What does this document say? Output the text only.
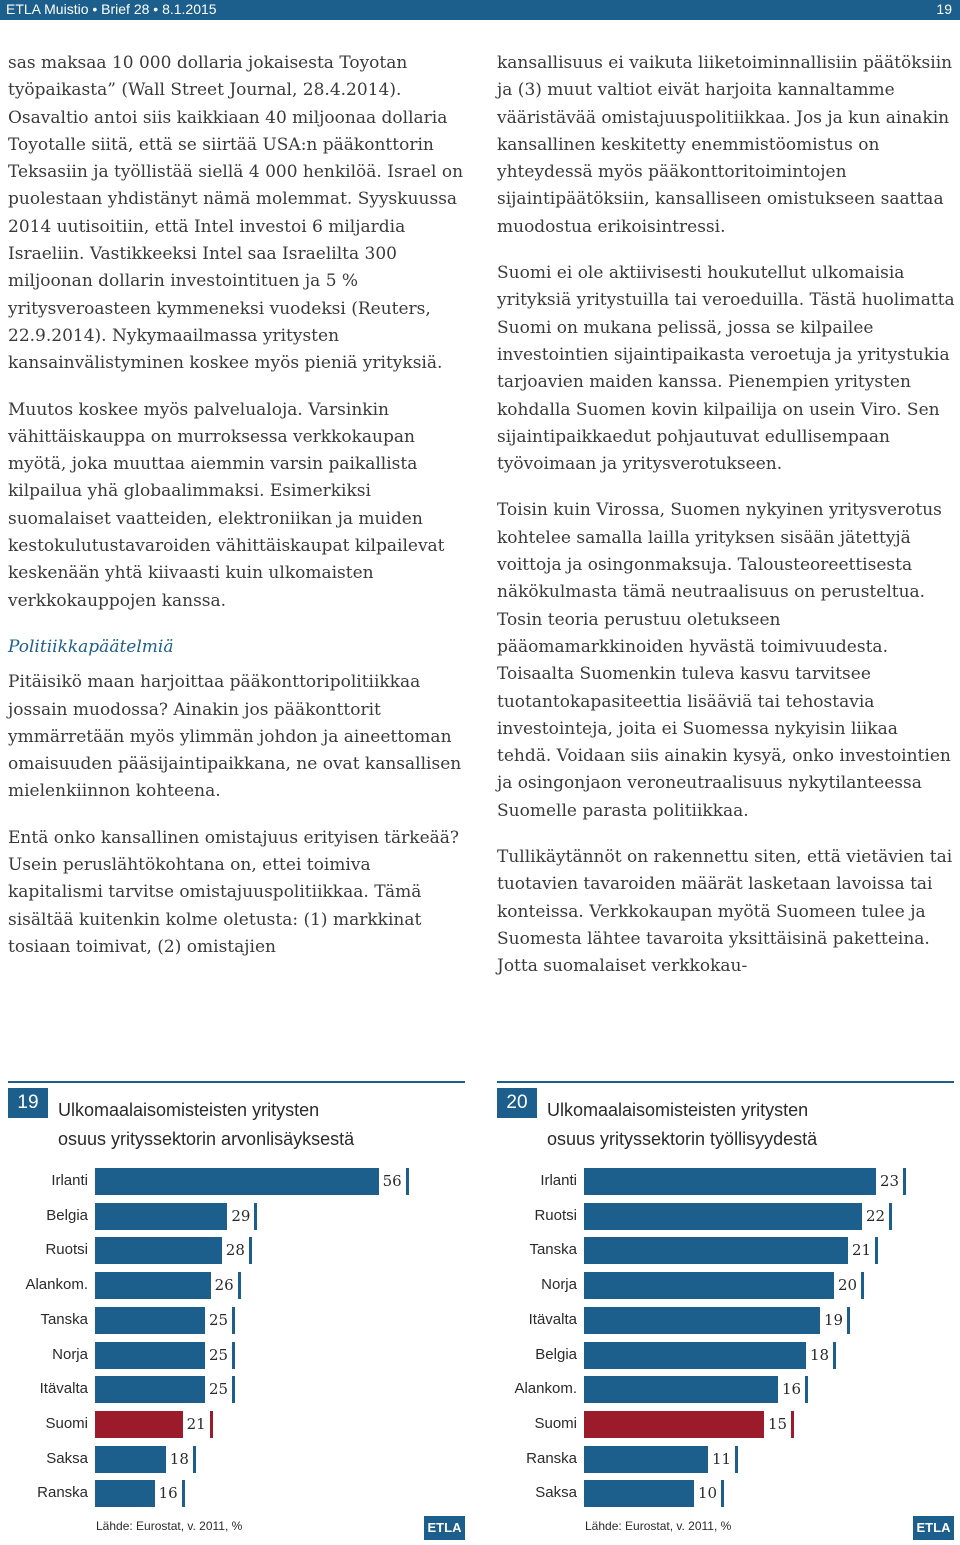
ETLA Muistio • Brief 28 • 8.1.2015	19

sas maksaa 10 000 dollaria jokaisesta Toyotan työpaikasta” (Wall Street Journal, 28.4.2014). Osavaltio antoi siis kaikkiaan 40 miljoonaa dollaria Toyotalle siitä, että se siirtää USA:n pääkonttorin Teksasiin ja työllistää siellä 4 000 henkilöä. Israel on puolestaan yhdistänyt nämä molemmat. Syyskuussa 2014 uutisoitiin, että Intel investoi 6 miljardia Israeliin. Vastikkeeksi Intel saa Israelilta 300 miljoonan dollarin investointituen ja 5 % yritysveroasteen kymmeneksi vuodeksi (Reuters, 22.9.2014). Nykymaailmassa yritysten kansainvälistyminen koskee myös pieniä yrityksiä.

Muutos koskee myös palvelualoja. Varsinkin vähittäiskauppa on murroksessa verkkokaupan myötä, joka muuttaa aiemmin varsin paikallista kilpailua yhä globaalimmaksi. Esimerkiksi suomalaiset vaatteiden, elektroniikan ja muiden kestokulutustavaroiden vähittäiskaupat kilpailevat keskenään yhtä kiivaasti kuin ulkomaisten verkkokauppojen kanssa.

Politiikkapäätelmiä

Pitäisikö maan harjoittaa pääkonttoripolitiikkaa jossain muodossa? Ainakin jos pääkonttorit ymmärretään myös ylimmän johdon ja aineettoman omaisuuden pääsijaintipaikkana, ne ovat kansallisen mielenkiinnon kohteena.

Entä onko kansallinen omistajuus erityisen tärkeää? Usein peruslähtökohtana on, ettei toimiva kapitalismi tarvitse omistajuuspolitiikkaa. Tämä sisältää kuitenkin kolme oletusta: (1) markkinat tosiaan toimivat, (2) omistajien

kansallisuus ei vaikuta liiketoiminnallisiin päätöksiin ja (3) muut valtiot eivät harjoita kannaltamme vääristävää omistajuuspolitiikkaa. Jos ja kun ainakin kansallinen keskitetty enemmistöomistus on yhteydessä myös pääkonttoritoimintojen sijaintipäätöksiin, kansalliseen omistukseen saattaa muodostua erikoisintressi.

Suomi ei ole aktiivisesti houkutellut ulkomaisia yrityksiä yritystuilla tai veroeduilla. Tästä huolimatta Suomi on mukana pelissä, jossa se kilpailee investointien sijaintipaikasta veroetuja ja yritystukia tarjoavien maiden kanssa. Pienempien yritysten kohdalla Suomen kovin kilpailija on usein Viro. Sen sijaintipaikkaedut pohjautuvat edullisempaan työvoimaan ja yritysverotukseen.

Toisin kuin Virossa, Suomen nykyinen yritysverotus kohtelee samalla lailla yrityksen sisään jätettyjä voittoja ja osingonmaksuja. Talousteoreettisesta näkökulmasta tämä neutraalisuus on perusteltua. Tosin teoria perustuu oletukseen pääomamarkkinoiden hyvästä toimivuudesta. Toisaalta Suomenkin tuleva kasvu tarvitsee tuotantokapasiteettia lisääviä tai tehostavia investointeja, joita ei Suomessa nykyisin liikaa tehdä. Voidaan siis ainakin kysyä, onko investointien ja osingonjaon veroneutraalisuus nykytilanteessa Suomelle parasta politiikkaa.

Tullikäytännöt on rakennettu siten, että vietävien tai tuotavien tavaroiden määrät lasketaan lavoissa tai konteissa. Verkkokaupan myötä Suomeen tulee ja Suomesta lähtee tavaroita yksittäisinä paketteina. Jotta suomalaiset verkkokau-

19	Ulkomaalaisomisteisten yritysten
osuus yrityssektorin arvonlisäyksestä
Irlanti	56
Belgia	29
Ruotsi	28
Alankom.	26
Tanska	25
Norja	25
Itävalta	25
Suomi	21
Saksa	18
Ranska	16
Lähde: Eurostat, v. 2011, %	ETLA
20	Ulkomaalaisomisteisten yritysten
osuus yrityssektorin työllisyydestä
Irlanti	23
Ruotsi	22
Tanska	21
Norja	20
Itävalta	19
Belgia	18
Alankom.	16
Suomi	15
Ranska	11
Saksa	10
Lähde: Eurostat, v. 2011, %	ETLA
